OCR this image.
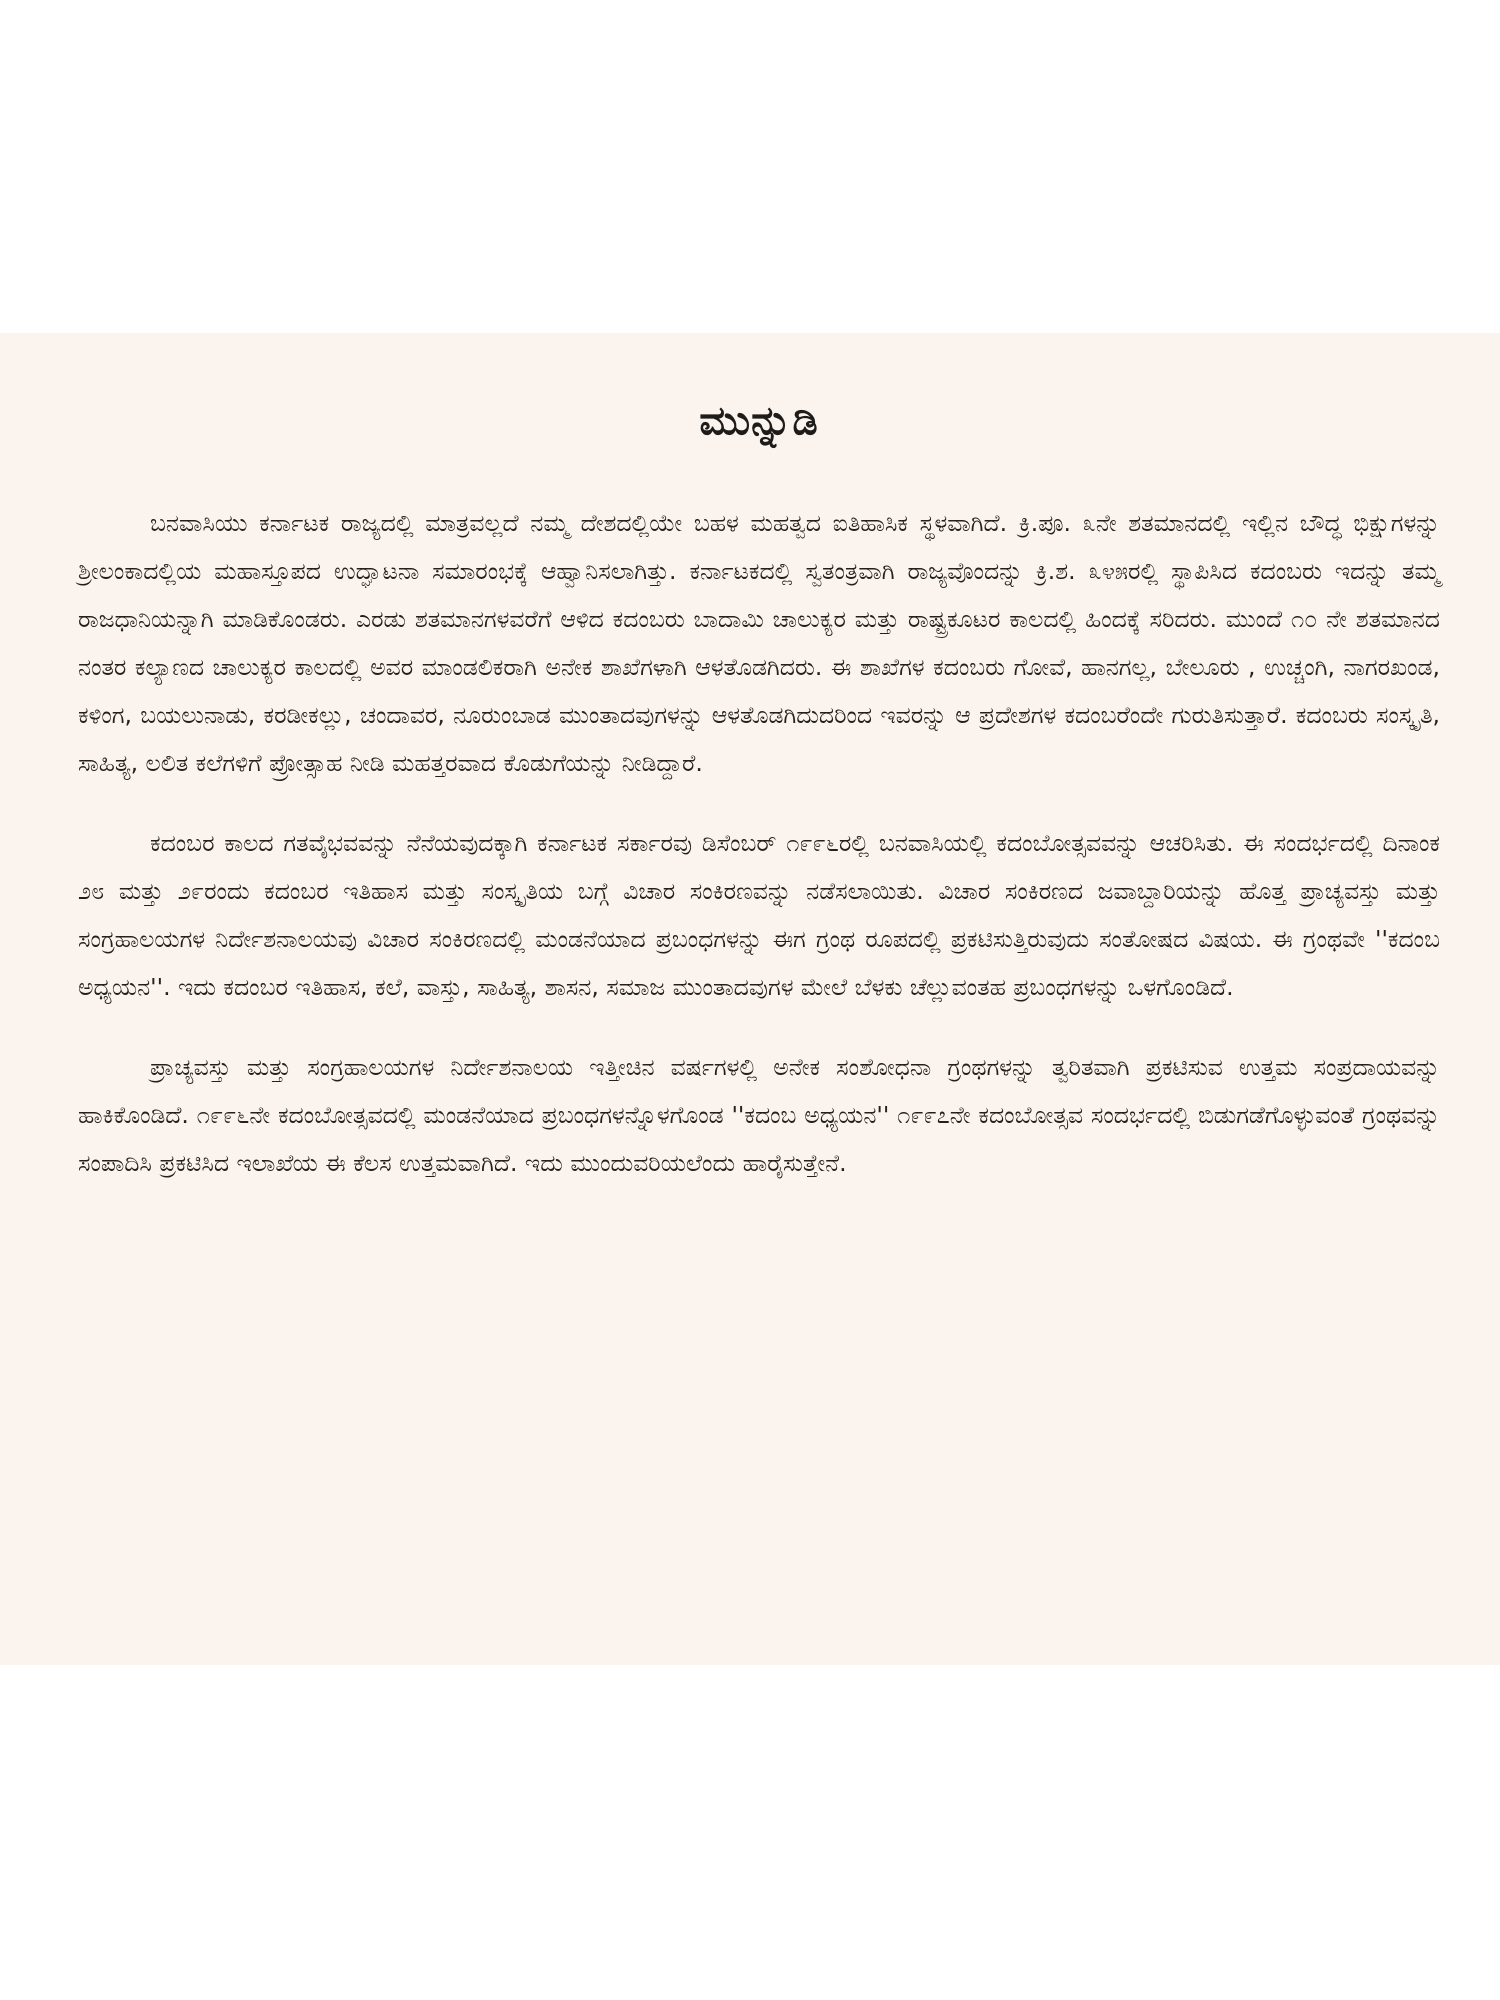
ಮುನ್ನುಡಿ

ಬನವಾಸಿಯು ಕರ್ನಾಟಕ ರಾಜ್ಯದಲ್ಲಿ ಮಾತ್ರವಲ್ಲದೆ ನಮ್ಮ ದೇಶದಲ್ಲಿಯೇ ಬಹಳ ಮಹತ್ವದ ಐತಿಹಾಸಿಕ ಸ್ಥಳವಾಗಿದೆ. ಕ್ರಿ.ಪೂ. ೩ನೇ ಶತಮಾನದಲ್ಲಿ ಇಲ್ಲಿನ ಬೌದ್ಧ ಭಿಕ್ಷುಗಳನ್ನು ಶ್ರೀಲಂಕಾದಲ್ಲಿಯ ಮಹಾಸ್ತೂಪದ ಉದ್ಘಾಟನಾ ಸಮಾರಂಭಕ್ಕೆ ಆಹ್ವಾನಿಸಲಾಗಿತ್ತು. ಕರ್ನಾಟಕದಲ್ಲಿ ಸ್ವತಂತ್ರವಾಗಿ ರಾಜ್ಯವೊಂದನ್ನು ಕ್ರಿ.ಶ. ೩೪೫ರಲ್ಲಿ ಸ್ಥಾಪಿಸಿದ ಕದಂಬರು ಇದನ್ನು ತಮ್ಮ ರಾಜಧಾನಿಯನ್ನಾಗಿ ಮಾಡಿಕೊಂಡರು. ಎರಡು ಶತಮಾನಗಳವರೆಗೆ ಆಳಿದ ಕದಂಬರು ಬಾದಾಮಿ ಚಾಲುಕ್ಯರ ಮತ್ತು ರಾಷ್ಟ್ರಕೂಟರ ಕಾಲದಲ್ಲಿ ಹಿಂದಕ್ಕೆ ಸರಿದರು. ಮುಂದೆ ೧೦ ನೇ ಶತಮಾನದ ನಂತರ ಕಲ್ಯಾಣದ ಚಾಲುಕ್ಯರ ಕಾಲದಲ್ಲಿ ಅವರ ಮಾಂಡಲಿಕರಾಗಿ ಅನೇಕ ಶಾಖೆಗಳಾಗಿ ಆಳತೊಡಗಿದರು. ಈ ಶಾಖೆಗಳ ಕದಂಬರು ಗೋವೆ, ಹಾನಗಲ್ಲ, ಬೇಲೂರು , ಉಚ್ಚಂಗಿ, ನಾಗರಖಂಡ, ಕಳಿಂಗ, ಬಯಲುನಾಡು, ಕರಡೀಕಲ್ಲು, ಚಂದಾವರ, ನೂರುಂಬಾಡ ಮುಂತಾದವುಗಳನ್ನು ಆಳತೊಡಗಿದುದರಿಂದ ಇವರನ್ನು ಆ ಪ್ರದೇಶಗಳ ಕದಂಬರೆಂದೇ ಗುರುತಿಸುತ್ತಾರೆ. ಕದಂಬರು ಸಂಸ್ಕೃತಿ, ಸಾಹಿತ್ಯ, ಲಲಿತ ಕಲೆಗಳಿಗೆ ಪ್ರೋತ್ಸಾಹ ನೀಡಿ ಮಹತ್ತರವಾದ ಕೊಡುಗೆಯನ್ನು ನೀಡಿದ್ದಾರೆ.

ಕದಂಬರ ಕಾಲದ ಗತವೈಭವವನ್ನು ನೆನೆಯವುದಕ್ಕಾಗಿ ಕರ್ನಾಟಕ ಸರ್ಕಾರವು ಡಿಸೆಂಬರ್ ೧೯೯೬ರಲ್ಲಿ ಬನವಾಸಿಯಲ್ಲಿ ಕದಂಬೋತ್ಸವವನ್ನು ಆಚರಿಸಿತು. ಈ ಸಂದರ್ಭದಲ್ಲಿ ದಿನಾಂಕ ೨೮ ಮತ್ತು ೨೯ರಂದು ಕದಂಬರ ಇತಿಹಾಸ ಮತ್ತು ಸಂಸ್ಕೃತಿಯ ಬಗ್ಗೆ ವಿಚಾರ ಸಂಕಿರಣವನ್ನು ನಡೆಸಲಾಯಿತು. ವಿಚಾರ ಸಂಕಿರಣದ ಜವಾಬ್ದಾರಿಯನ್ನು ಹೊತ್ತ ಪ್ರಾಚ್ಯವಸ್ತು ಮತ್ತು ಸಂಗ್ರಹಾಲಯಗಳ ನಿರ್ದೇಶನಾಲಯವು ವಿಚಾರ ಸಂಕಿರಣದಲ್ಲಿ ಮಂಡನೆಯಾದ ಪ್ರಬಂಧಗಳನ್ನು ಈಗ ಗ್ರಂಥ ರೂಪದಲ್ಲಿ ಪ್ರಕಟಿಸುತ್ತಿರುವುದು ಸಂತೋಷದ ವಿಷಯ. ಈ ಗ್ರಂಥವೇ ''ಕದಂಬ ಅಧ್ಯಯನ''. ಇದು ಕದಂಬರ ಇತಿಹಾಸ, ಕಲೆ, ವಾಸ್ತು, ಸಾಹಿತ್ಯ, ಶಾಸನ, ಸಮಾಜ ಮುಂತಾದವುಗಳ ಮೇಲೆ ಬೆಳಕು ಚೆಲ್ಲುವಂತಹ ಪ್ರಬಂಧಗಳನ್ನು ಒಳಗೊಂಡಿದೆ.

ಪ್ರಾಚ್ಯವಸ್ತು ಮತ್ತು ಸಂಗ್ರಹಾಲಯಗಳ ನಿರ್ದೇಶನಾಲಯ ಇತ್ತೀಚಿನ ವರ್ಷಗಳಲ್ಲಿ ಅನೇಕ ಸಂಶೋಧನಾ ಗ್ರಂಥಗಳನ್ನು ತ್ವರಿತವಾಗಿ ಪ್ರಕಟಿಸುವ ಉತ್ತಮ ಸಂಪ್ರದಾಯವನ್ನು ಹಾಕಿಕೊಂಡಿದೆ. ೧೯೯೬ನೇ ಕದಂಬೋತ್ಸವದಲ್ಲಿ ಮಂಡನೆಯಾದ ಪ್ರಬಂಧಗಳನ್ನೊಳಗೊಂಡ ''ಕದಂಬ ಅಧ್ಯಯನ'' ೧೯೯೭ನೇ ಕದಂಬೋತ್ಸವ ಸಂದರ್ಭದಲ್ಲಿ ಬಿಡುಗಡೆಗೊಳ್ಳುವಂತೆ ಗ್ರಂಥವನ್ನು ಸಂಪಾದಿಸಿ ಪ್ರಕಟಿಸಿದ ಇಲಾಖೆಯ ಈ ಕೆಲಸ ಉತ್ತಮವಾಗಿದೆ. ಇದು ಮುಂದುವರಿಯಲೆಂದು ಹಾರೈಸುತ್ತೇನೆ.
